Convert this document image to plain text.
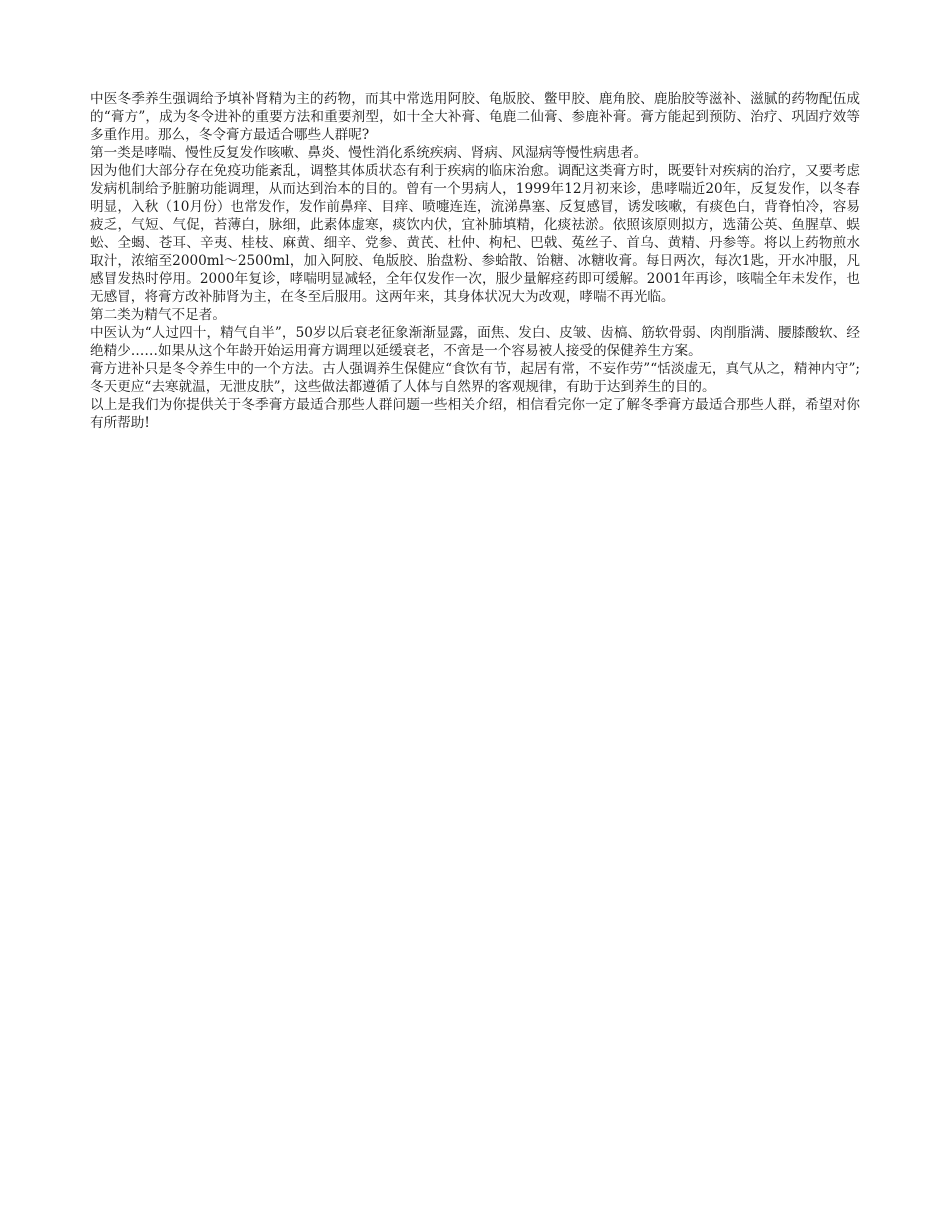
中医冬季养生强调给予填补肾精为主的药物，而其中常选用阿胶、龟版胶、鳖甲胶、鹿角胶、鹿胎胶等滋补、滋腻的药物配伍成的“膏方”，成为冬令进补的重要方法和重要剂型，如十全大补膏、龟鹿二仙膏、参鹿补膏。膏方能起到预防、治疗、巩固疗效等多重作用。那么，冬令膏方最适合哪些人群呢?

第一类是哮喘、慢性反复发作咳嗽、鼻炎、慢性消化系统疾病、肾病、风湿病等慢性病患者。

因为他们大部分存在免疫功能紊乱，调整其体质状态有利于疾病的临床治愈。调配这类膏方时，既要针对疾病的治疗，又要考虑发病机制给予脏腑功能调理，从而达到治本的目的。曾有一个男病人，1999年12月初来诊，患哮喘近20年，反复发作，以冬春明显，入秋（10月份）也常发作，发作前鼻痒、目痒、喷嚏连连，流涕鼻塞、反复感冒，诱发咳嗽，有痰色白，背脊怕冷，容易疲乏，气短、气促，苔薄白，脉细，此素体虚寒，痰饮内伏，宜补肺填精，化痰祛淤。依照该原则拟方，选蒲公英、鱼腥草、蜈蚣、全蝎、苍耳、辛夷、桂枝、麻黄、细辛、党参、黄芪、杜仲、枸杞、巴戟、菟丝子、首乌、黄精、丹参等。将以上药物煎水取汁，浓缩至2000ml～2500ml，加入阿胶、龟版胶、胎盘粉、参蛤散、饴糖、冰糖收膏。每日两次，每次1匙，开水冲服，凡感冒发热时停用。2000年复诊，哮喘明显减轻，全年仅发作一次，服少量解痉药即可缓解。2001年再诊，咳喘全年未发作，也无感冒，将膏方改补肺肾为主，在冬至后服用。这两年来，其身体状况大为改观，哮喘不再光临。

第二类为精气不足者。

中医认为“人过四十，精气自半”，50岁以后衰老征象渐渐显露，面焦、发白、皮皱、齿槁、筋软骨弱、肉削脂满、腰膝酸软、经绝精少……如果从这个年龄开始运用膏方调理以延缓衰老，不啻是一个容易被人接受的保健养生方案。

膏方进补只是冬令养生中的一个方法。古人强调养生保健应“食饮有节，起居有常，不妄作劳”“恬淡虚无，真气从之，精神内守”;冬天更应“去寒就温，无泄皮肤”，这些做法都遵循了人体与自然界的客观规律，有助于达到养生的目的。

以上是我们为你提供关于冬季膏方最适合那些人群问题一些相关介绍，相信看完你一定了解冬季膏方最适合那些人群，希望对你有所帮助!
